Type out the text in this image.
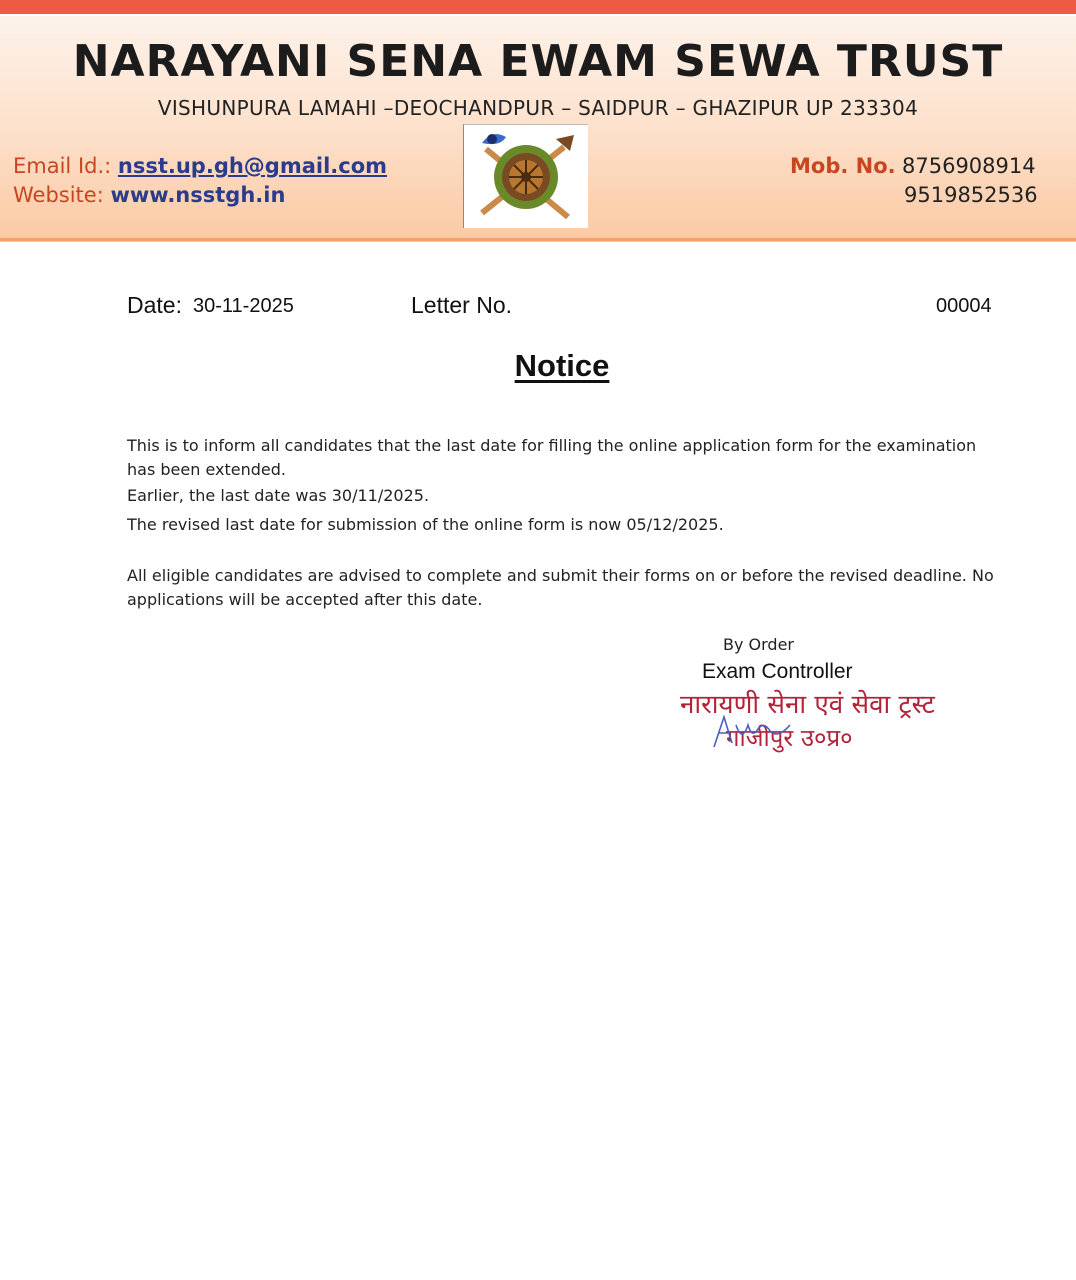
NARAYANI SENA EWAM SEWA TRUST
VISHUNPURA LAMAHI –DEOCHANDPUR – SAIDPUR – GHAZIPUR UP 233304
Email Id.: nsst.up.gh@gmail.com
Website: www.nsstgh.in
Mob. No. 8756908914
9519852536
Date: 30-11-2025	Letter No.	00004
Notice
This is to inform all candidates that the last date for filling the online application form for the examination has been extended.
Earlier, the last date was 30/11/2025.
The revised last date for submission of the online form is now 05/12/2025.
All eligible candidates are advised to complete and submit their forms on or before the revised deadline. No applications will be accepted after this date.
By Order
Exam Controller
नारायणी सेना एवं सेवा ट्रस्ट
गाजीपुर उ०प्र०
